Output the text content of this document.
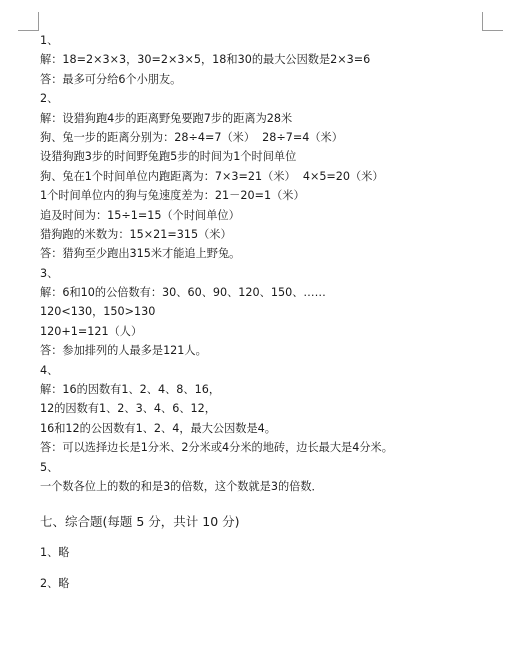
1、
解：18=2×3×3，30=2×3×5，18和30的最大公因数是2×3=6
答：最多可分给6个小朋友。
2、
解：设猎狗跑4步的距离野兔要跑7步的距离为28米
狗、兔一步的距离分别为：28÷4=7（米）  28÷7=4（米）
设猎狗跑3步的时间野兔跑5步的时间为1个时间单位
狗、兔在1个时间单位内跑距离为：7×3=21（米）  4×5=20（米）
1个时间单位内的狗与兔速度差为：21－20=1（米）
追及时间为：15÷1=15（个时间单位）
猎狗跑的米数为：15×21=315（米）
答：猎狗至少跑出315米才能追上野兔。
3、
解：6和10的公倍数有：30、60、90、120、150、……
120<130，150>130
120+1=121（人）
答：参加排列的人最多是121人。
4、
解：16的因数有1、2、4、8、16，
12的因数有1、2、3、4、6、12，
16和12的公因数有1、2、4，最大公因数是4。
答：可以选择边长是1分米、2分米或4分米的地砖，边长最大是4分米。
5、
一个数各位上的数的和是3的倍数，这个数就是3的倍数．
七、综合题(每题 5 分，共计 10 分)
1、略
2、略
